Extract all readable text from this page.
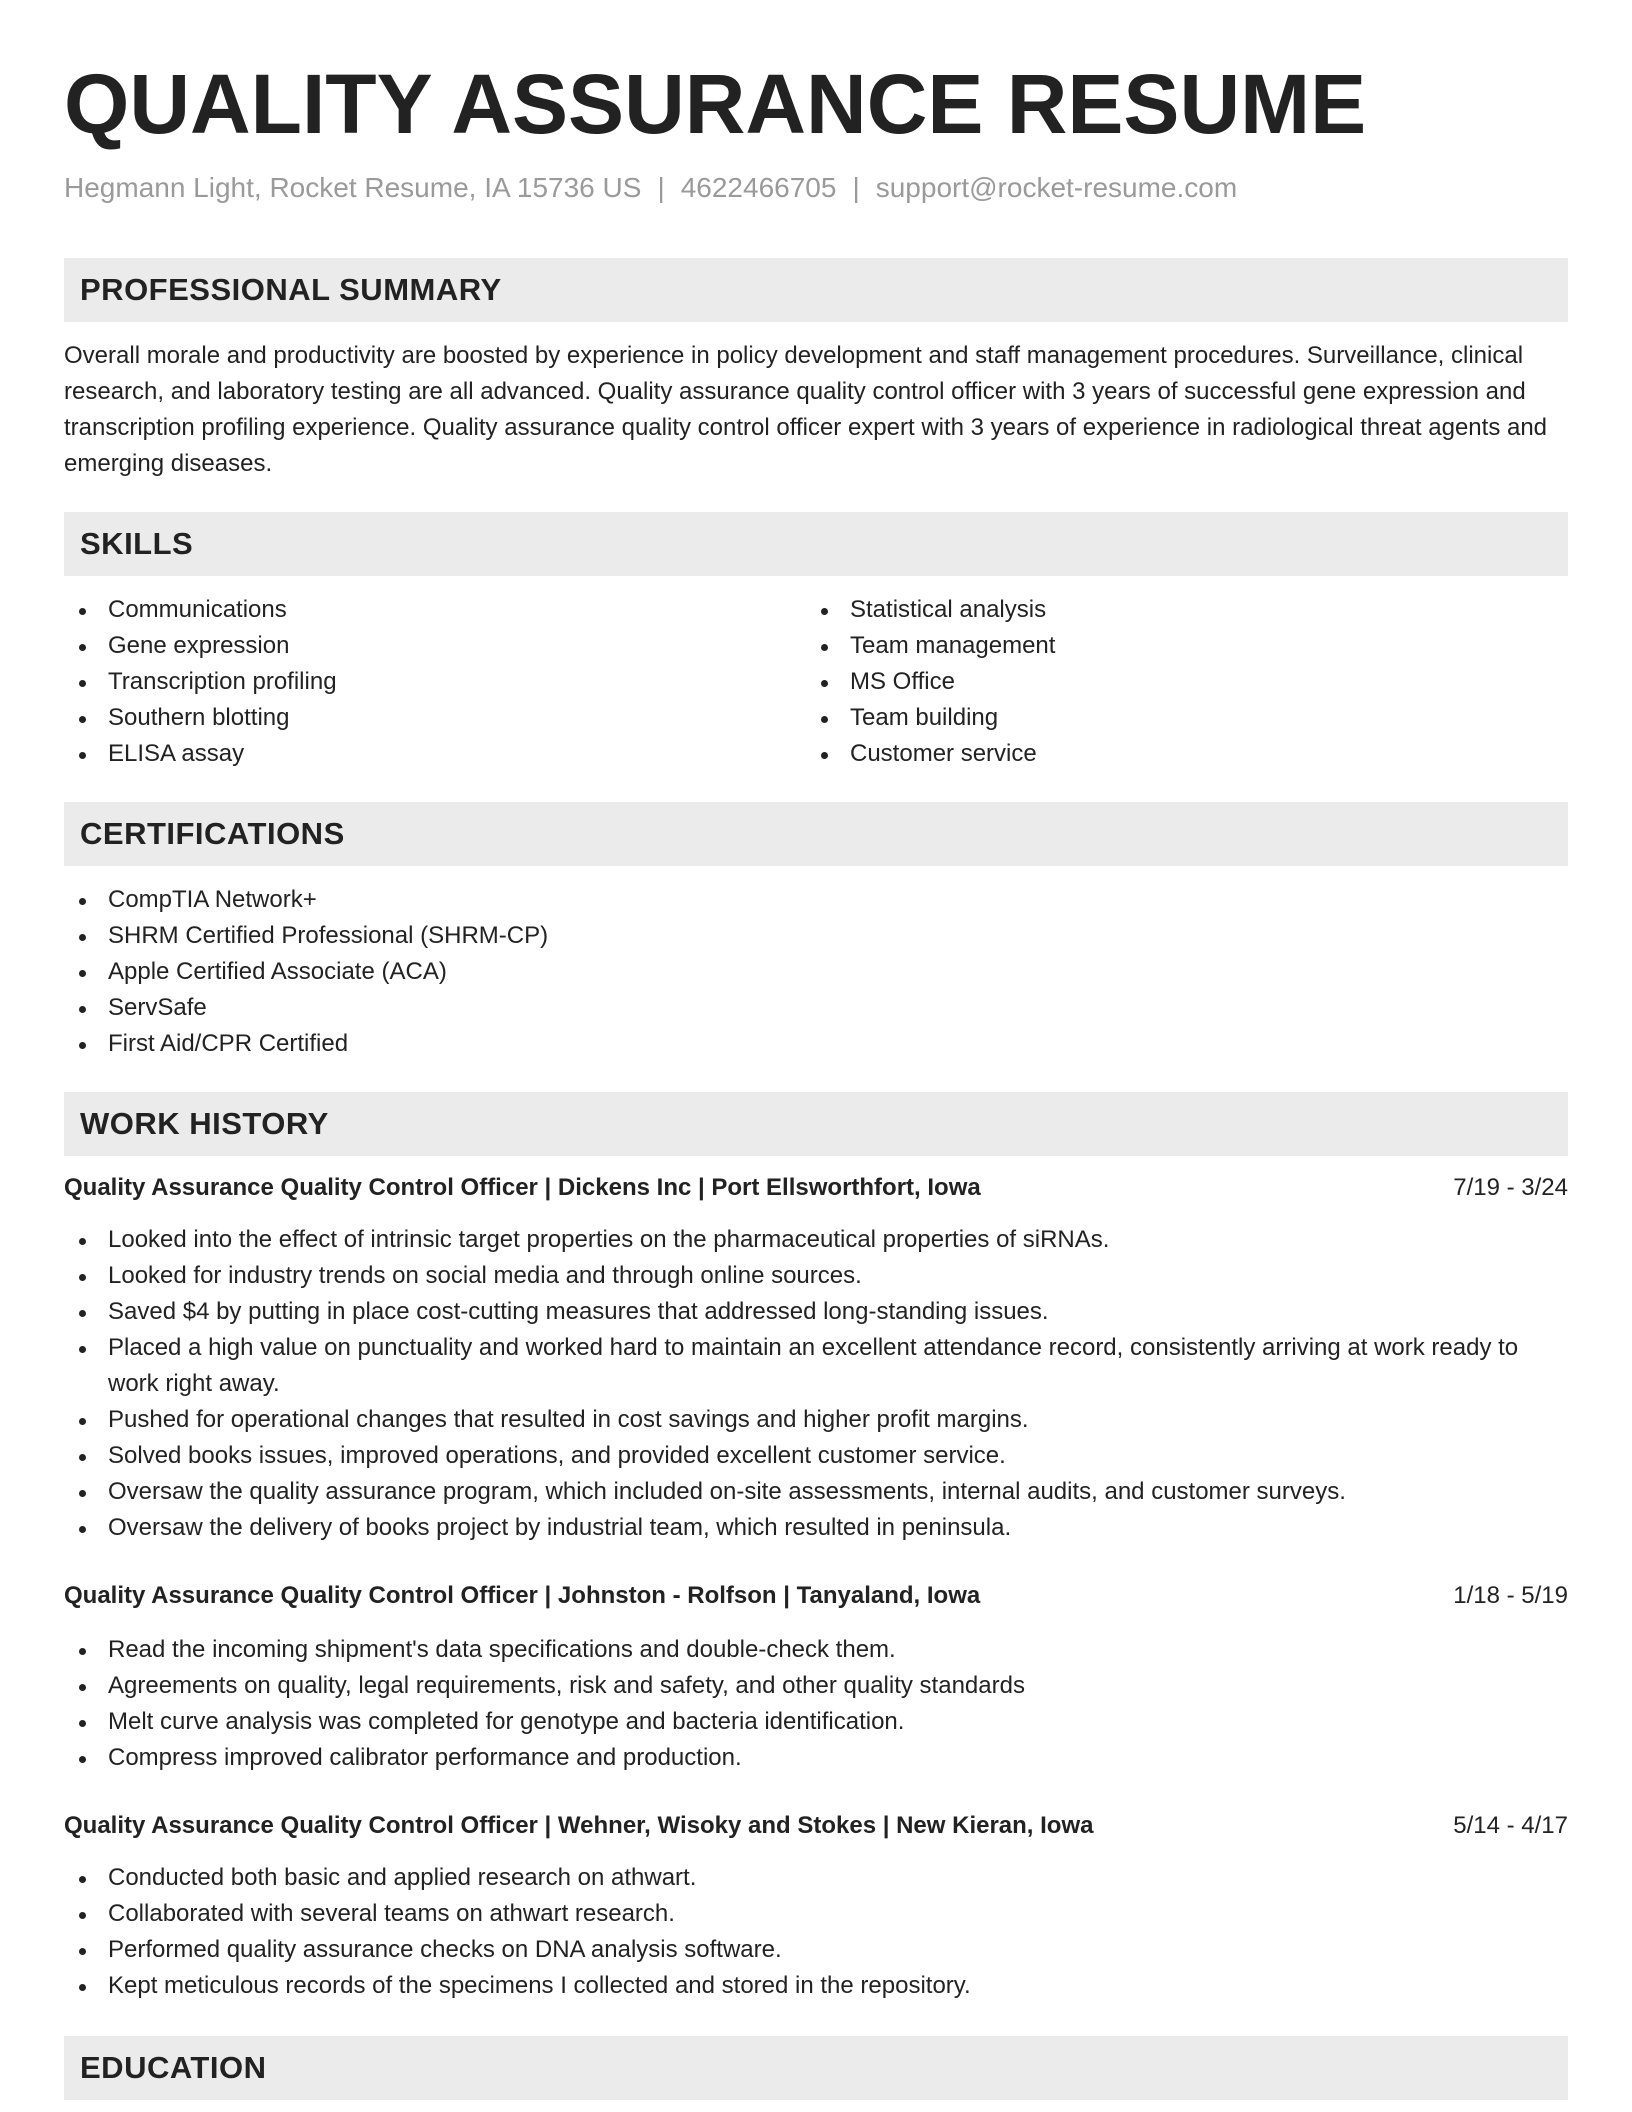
QUALITY ASSURANCE RESUME
Hegmann Light, Rocket Resume, IA 15736 US | 4622466705 | support@rocket-resume.com
PROFESSIONAL SUMMARY

Overall morale and productivity are boosted by experience in policy development and staff management procedures. Surveillance, clinical research, and laboratory testing are all advanced. Quality assurance quality control officer with 3 years of successful gene expression and transcription profiling experience. Quality assurance quality control officer expert with 3 years of experience in radiological threat agents and emerging diseases.

SKILLS
Communications
Gene expression
Transcription profiling
Southern blotting
ELISA assay
Statistical analysis
Team management
MS Office
Team building
Customer service
CERTIFICATIONS
CompTIA Network+
SHRM Certified Professional (SHRM-CP)
Apple Certified Associate (ACA)
ServSafe
First Aid/CPR Certified
WORK HISTORY
Quality Assurance Quality Control Officer | Dickens Inc | Port Ellsworthfort, Iowa	7/19 - 3/24
Looked into the effect of intrinsic target properties on the pharmaceutical properties of siRNAs.
Looked for industry trends on social media and through online sources.
Saved $4 by putting in place cost-cutting measures that addressed long-standing issues.
Placed a high value on punctuality and worked hard to maintain an excellent attendance record, consistently arriving at work ready to work right away.
Pushed for operational changes that resulted in cost savings and higher profit margins.
Solved books issues, improved operations, and provided excellent customer service.
Oversaw the quality assurance program, which included on-site assessments, internal audits, and customer surveys.
Oversaw the delivery of books project by industrial team, which resulted in peninsula.
Quality Assurance Quality Control Officer | Johnston - Rolfson | Tanyaland, Iowa	1/18 - 5/19
Read the incoming shipment's data specifications and double-check them.
Agreements on quality, legal requirements, risk and safety, and other quality standards
Melt curve analysis was completed for genotype and bacteria identification.
Compress improved calibrator performance and production.
Quality Assurance Quality Control Officer | Wehner, Wisoky and Stokes | New Kieran, Iowa	5/14 - 4/17
Conducted both basic and applied research on athwart.
Collaborated with several teams on athwart research.
Performed quality assurance checks on DNA analysis software.
Kept meticulous records of the specimens I collected and stored in the repository.
EDUCATION
